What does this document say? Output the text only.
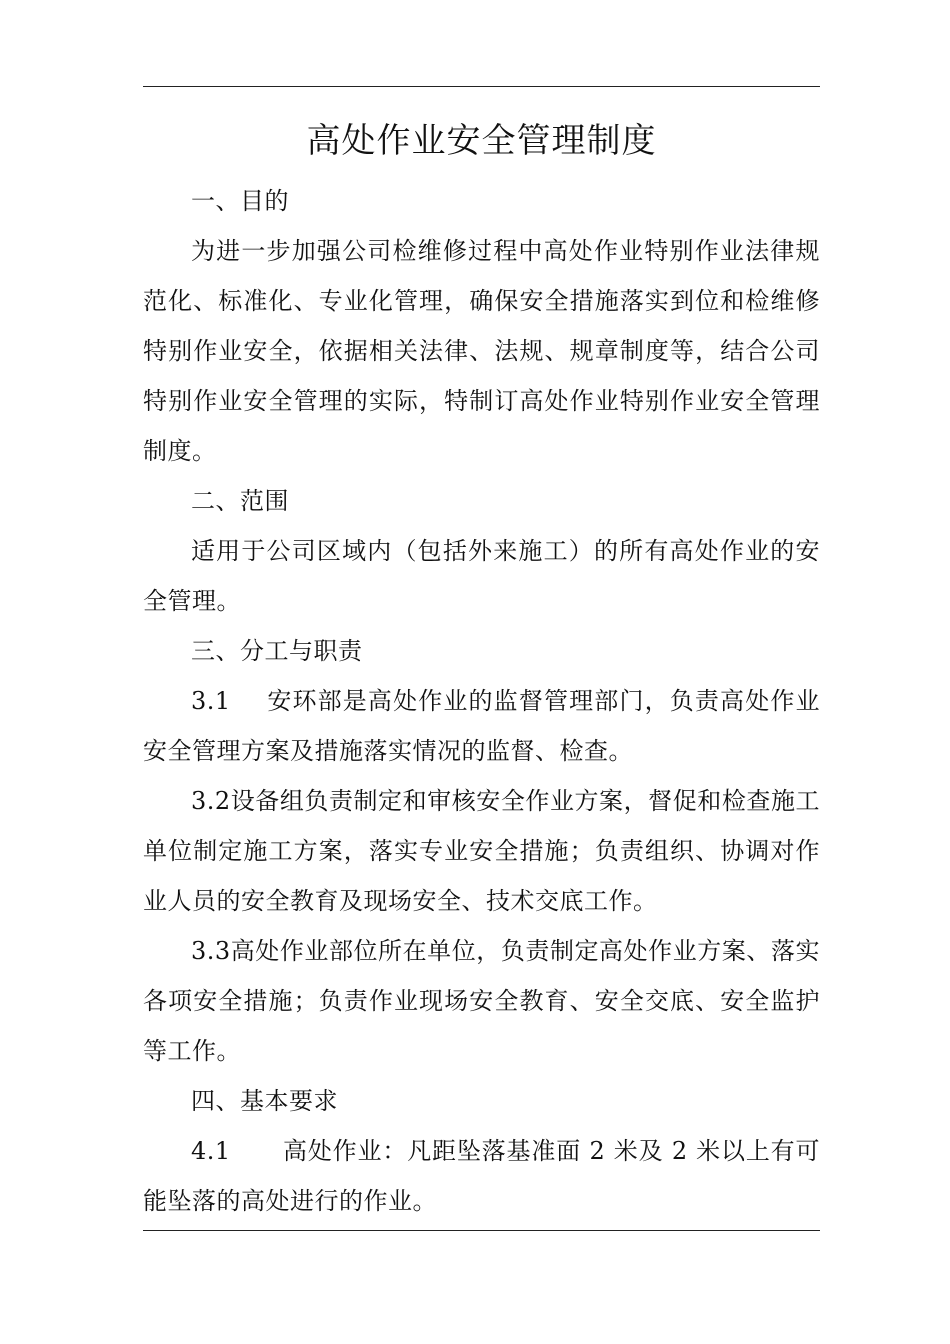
高处作业安全管理制度

一、目的

为进一步加强公司检维修过程中高处作业特别作业法律规范化、标准化、专业化管理，确保安全措施落实到位和检维修特别作业安全，依据相关法律、法规、规章制度等，结合公司特别作业安全管理的实际，特制订高处作业特别作业安全管理制度。

二、范围

适用于公司区域内（包括外来施工）的所有高处作业的安全管理。

三、分工与职责

3.1 安环部是高处作业的监督管理部门，负责高处作业安全管理方案及措施落实情况的监督、检查。

3.2设备组负责制定和审核安全作业方案，督促和检查施工单位制定施工方案，落实专业安全措施；负责组织、协调对作业人员的安全教育及现场安全、技术交底工作。

3.3高处作业部位所在单位，负责制定高处作业方案、落实各项安全措施；负责作业现场安全教育、安全交底、安全监护等工作。

四、基本要求

4.1 高处作业：凡距坠落基准面 2 米及 2 米以上有可能坠落的高处进行的作业。
